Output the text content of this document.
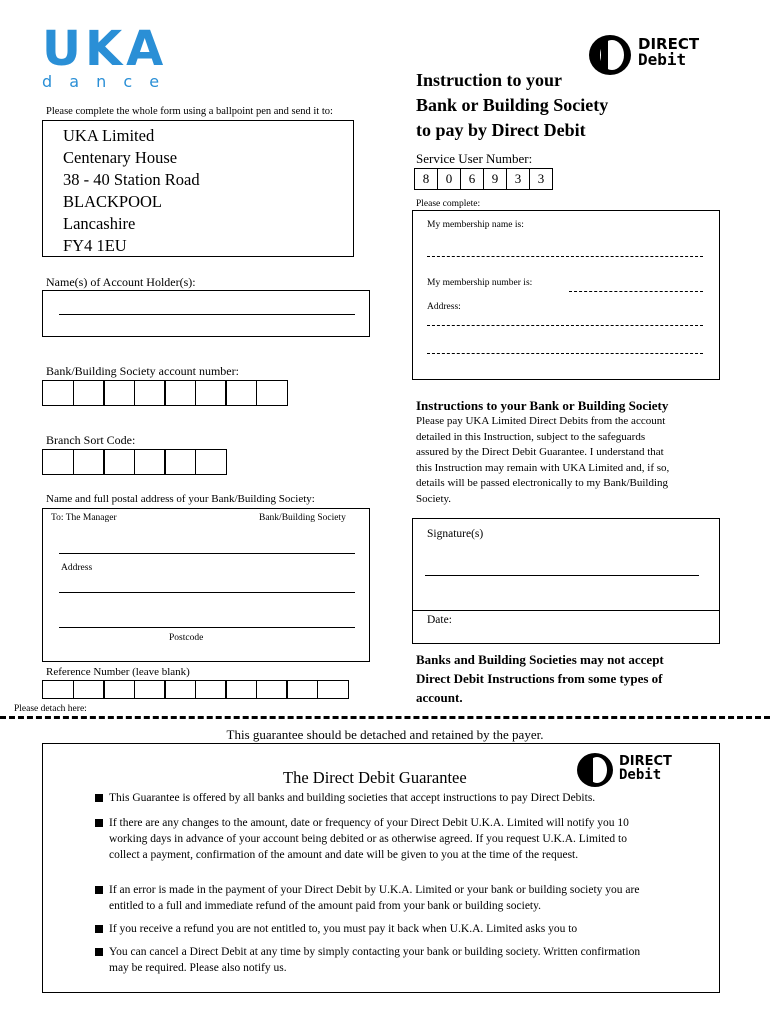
UKA
d a n c e
DIRECT
Debit
Instruction to your
Bank or Building Society
to pay by Direct Debit
Please complete the whole form using a ballpoint pen and send it to:
UKA Limited
Centenary House
38 - 40 Station Road
BLACKPOOL
Lancashire
FY4 1EU
Name(s) of Account Holder(s):
Bank/Building Society account number:
Branch Sort Code:
Name and full postal address of your Bank/Building Society:
To: The Manager	Bank/Building Society
Address
Postcode
Reference Number (leave blank)
Service User Number:
8	0	6	9	3	3
Please complete:
My membership name is:
My membership number is:
Address:
Instructions to your Bank or Building Society
Please pay UKA Limited Direct Debits from the account
detailed in this Instruction, subject to the safeguards
assured by the Direct Debit Guarantee. I understand that
this Instruction may remain with UKA Limited and, if so,
details will be passed electronically to my Bank/Building
Society.
Signature(s)
Date:
Banks and Building Societies may not accept
Direct Debit Instructions from some types of
account.
Please detach here:
This guarantee should be detached and retained by the payer.
The Direct Debit Guarantee
DIRECT
Debit
This Guarantee is offered by all banks and building societies that accept instructions to pay Direct Debits.
If there are any changes to the amount, date or frequency of your Direct Debit U.K.A. Limited will notify you 10
working days in advance of your account being debited or as otherwise agreed. If you request U.K.A. Limited to
collect a payment, confirmation of the amount and date will be given to you at the time of the request.
If an error is made in the payment of your Direct Debit by U.K.A. Limited or your bank or building society you are
entitled to a full and immediate refund of the amount paid from your bank or building society.
If you receive a refund you are not entitled to, you must pay it back when U.K.A. Limited asks you to
You can cancel a Direct Debit at any time by simply contacting your bank or building society. Written confirmation
may be required. Please also notify us.
